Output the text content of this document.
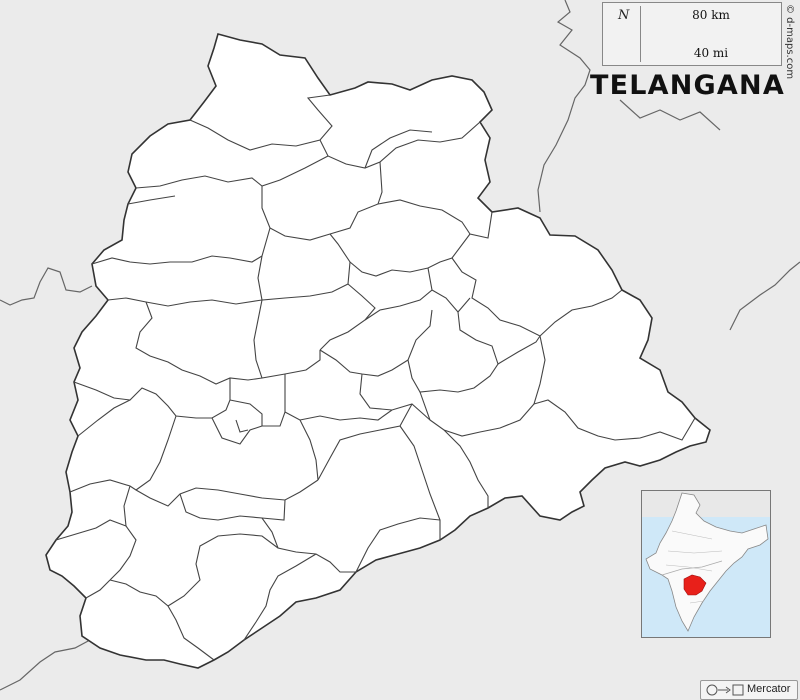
N	80 km
40 mi	© d-maps.com
TELANGANA
Mercator
